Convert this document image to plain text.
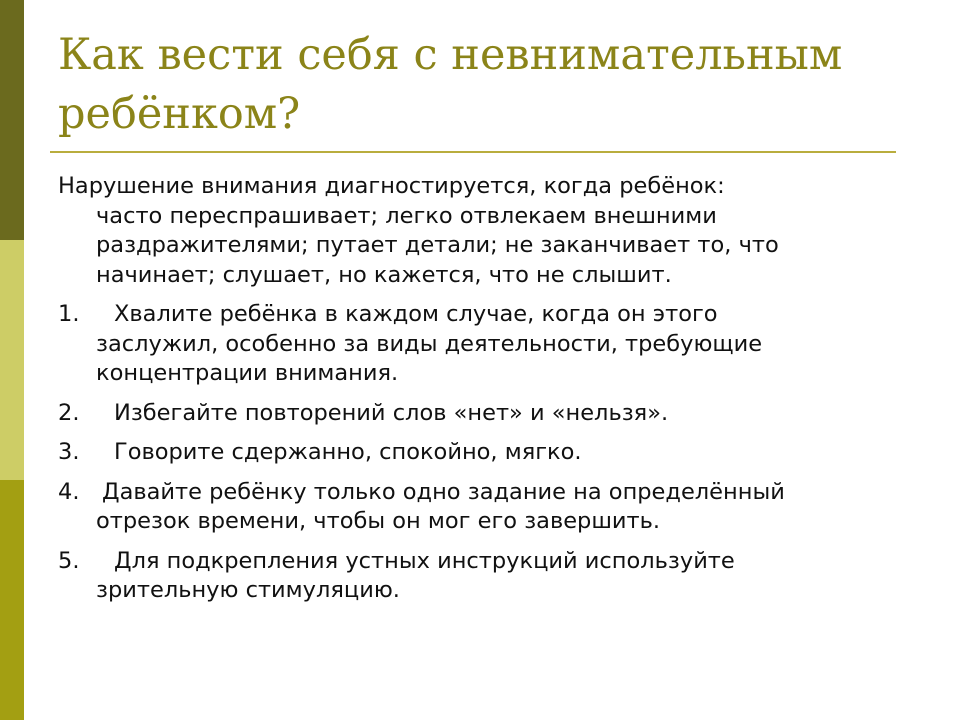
Как вести себя с невнимательным
ребёнком?

Нарушение внимания диагностируется, когда ребёнок:
часто переспрашивает; легко отвлекаем внешними
раздражителями; путает детали; не заканчивает то, что
начинает; слушает, но кажется, что не слышит.

1. Хвалите ребёнка в каждом случае, когда он этого
заслужил, особенно за виды деятельности, требующие
концентрации внимания.

2. Избегайте повторений слов «нет» и «нельзя».

3. Говорите сдержанно, спокойно, мягко.

4. Давайте ребёнку только одно задание на определённый
отрезок времени, чтобы он мог его завершить.

5. Для подкрепления устных инструкций используйте
зрительную стимуляцию.
